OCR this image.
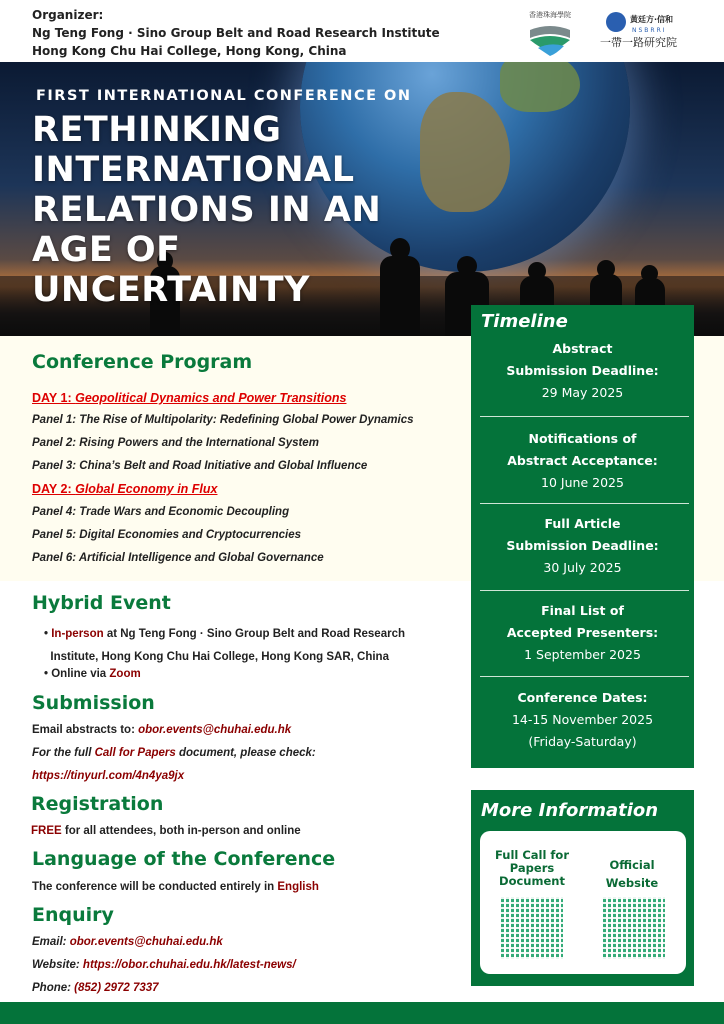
Organizer:
Ng Teng Fong · Sino Group Belt and Road Research Institute
Hong Kong Chu Hai College, Hong Kong, China
香港珠海學院	黃廷方·信和
NSBRRI
一帶一路研究院
FIRST INTERNATIONAL CONFERENCE ON
RETHINKING INTERNATIONAL RELATIONS IN AN AGE OF UNCERTAINTY
Conference Program
DAY 1: Geopolitical Dynamics and Power Transitions
Panel 1: The Rise of Multipolarity: Redefining Global Power Dynamics
Panel 2: Rising Powers and the International System
Panel 3: China’s Belt and Road Initiative and Global Influence
DAY 2: Global Economy in Flux
Panel 4: Trade Wars and Economic Decoupling
Panel 5: Digital Economies and Cryptocurrencies
Panel 6: Artificial Intelligence and Global Governance
Hybrid Event
• In-person at Ng Teng Fong · Sino Group Belt and Road Research
Institute, Hong Kong Chu Hai College, Hong Kong SAR, China
• Online via Zoom
Submission
Email abstracts to: obor.events@chuhai.edu.hk
For the full Call for Papers document, please check:
https://tinyurl.com/4n4ya9jx
Registration
FREE for all attendees, both in-person and online
Language of the Conference
The conference will be conducted entirely in English
Enquiry
Email: obor.events@chuhai.edu.hk
Website: https://obor.chuhai.edu.hk/latest-news/
Phone: (852) 2972 7337
Timeline
Abstract
Submission Deadline:
29 May 2025
Notifications of
Abstract Acceptance:
10 June 2025
Full Article
Submission Deadline:
30 July 2025
Final List of
Accepted Presenters:
1 September 2025
Conference Dates:
14-15 November 2025
(Friday-Saturday)
More Information
Full Call for Papers Document
Official Website
